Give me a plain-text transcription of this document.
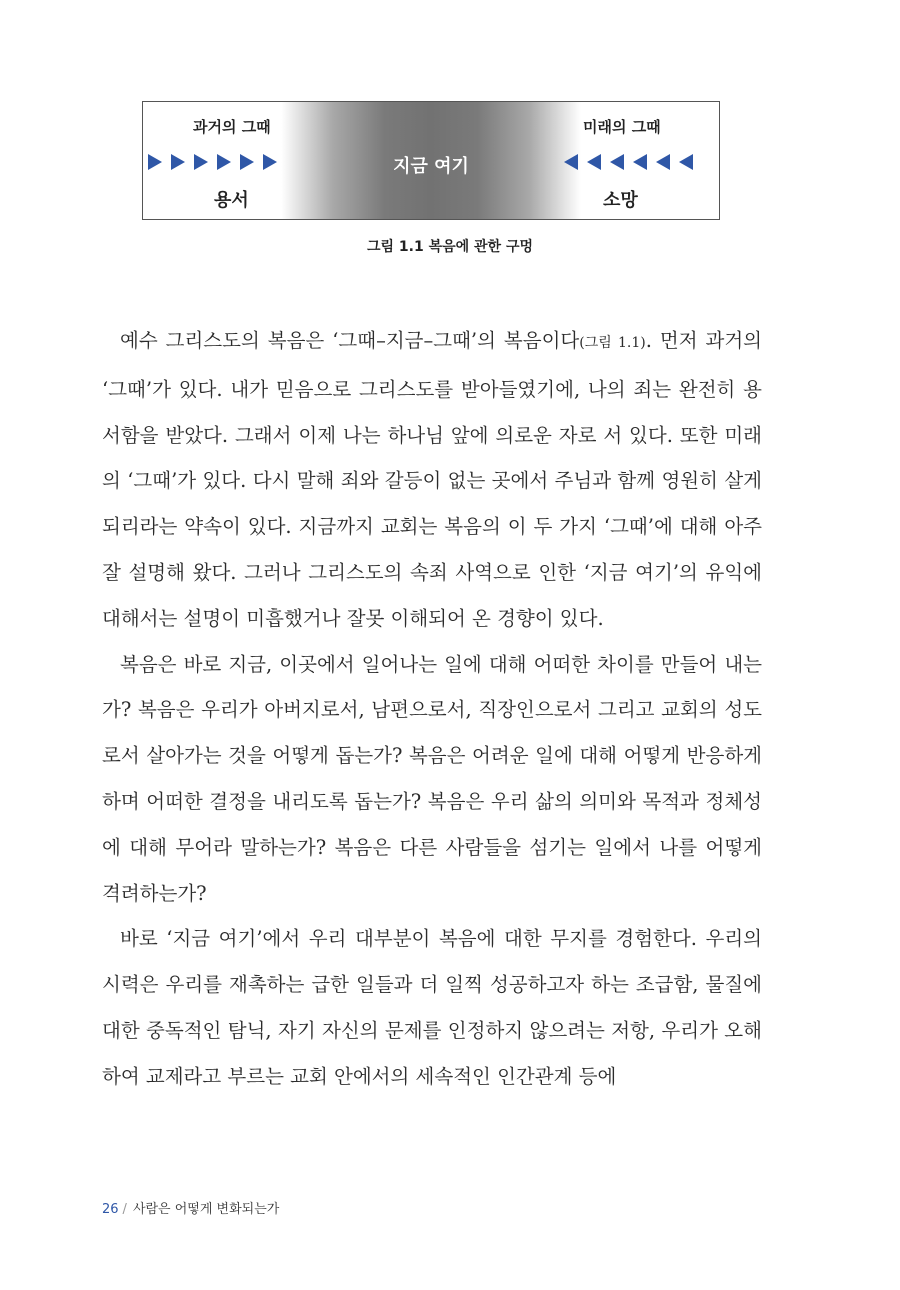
과거의 그때	미래의 그때
지금 여기
용서	소망
그림 1.1 복음에 관한 구멍

예수 그리스도의 복음은 ‘그때–지금–그때’의 복음이다(그림 1.1). 먼저 과거의 ‘그때’가 있다. 내가 믿음으로 그리스도를 받아들였기에, 나의 죄는 완전히 용서함을 받았다. 그래서 이제 나는 하나님 앞에 의로운 자로 서 있다. 또한 미래의 ‘그때’가 있다. 다시 말해 죄와 갈등이 없는 곳에서 주님과 함께 영원히 살게 되리라는 약속이 있다. 지금까지 교회는 복음의 이 두 가지 ‘그때’에 대해 아주 잘 설명해 왔다. 그러나 그리스도의 속죄 사역으로 인한 ‘지금 여기’의 유익에 대해서는 설명이 미흡했거나 잘못 이해되어 온 경향이 있다.

복음은 바로 지금, 이곳에서 일어나는 일에 대해 어떠한 차이를 만들어 내는가? 복음은 우리가 아버지로서, 남편으로서, 직장인으로서 그리고 교회의 성도로서 살아가는 것을 어떻게 돕는가? 복음은 어려운 일에 대해 어떻게 반응하게 하며 어떠한 결정을 내리도록 돕는가? 복음은 우리 삶의 의미와 목적과 정체성에 대해 무어라 말하는가? 복음은 다른 사람들을 섬기는 일에서 나를 어떻게 격려하는가?

바로 ‘지금 여기’에서 우리 대부분이 복음에 대한 무지를 경험한다. 우리의 시력은 우리를 재촉하는 급한 일들과 더 일찍 성공하고자 하는 조급함, 물질에 대한 중독적인 탐닉, 자기 자신의 문제를 인정하지 않으려는 저항, 우리가 오해하여 교제라고 부르는 교회 안에서의 세속적인 인간관계 등에

26 / 사람은 어떻게 변화되는가
